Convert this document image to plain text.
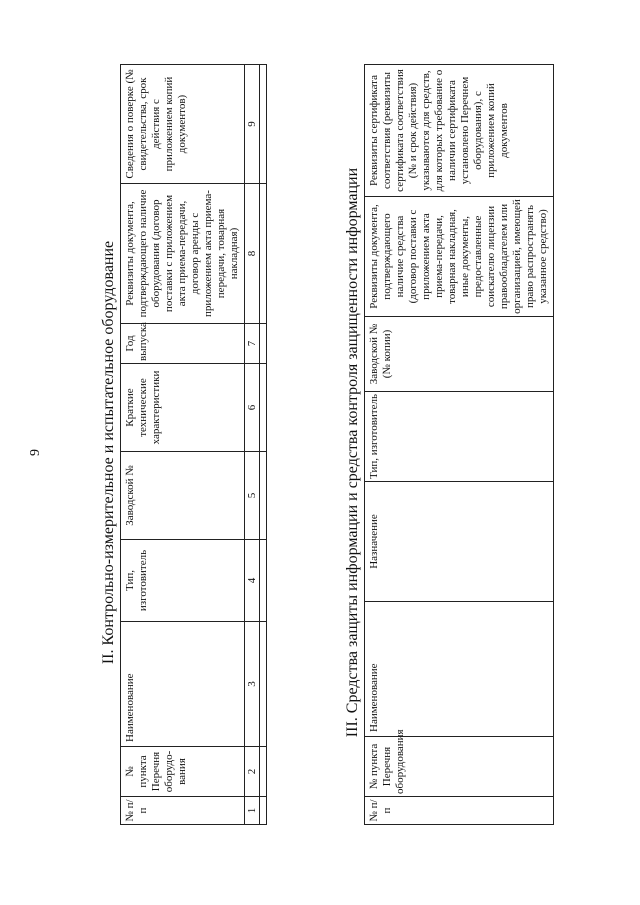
9	II. Контрольно-измерительное и испытательное оборудование
№ п/п	№ пункта Перечня оборудо-вания	Наименование	Тип, изготовитель	Заводской №	Краткие технические характеристики	Год выпуска	Реквизиты документа, подтверждающего наличие оборудования (договор поставки с приложением акта приема-передачи, договор аренды с приложением акта приема-передачи, товарная накладная)	Сведения о поверке (№ свидетельства, срок действия с приложением копий документов)
1	2	3	4	5	6	7	8	9

III. Средства защиты информации и средства контроля защищенности информации
№ п/п	№ пункта Перечня оборудования	Наименование	Назначение	Тип, изготовитель	Заводской № (№ копии)	Реквизиты документа, подтверждающего наличие средства (договор поставки с приложением акта приема-передачи, товарная накладная, иные документы, предоставленные соискателю лицензии правообладателем или организацией, имеющей право распространять указанное средство)	Реквизиты сертификата соответствия (реквизиты сертификата соответствия (№ и срок действия) указываются для средств, для которых требование о наличии сертификата установлено Перечнем оборудования), с приложением копий документов
